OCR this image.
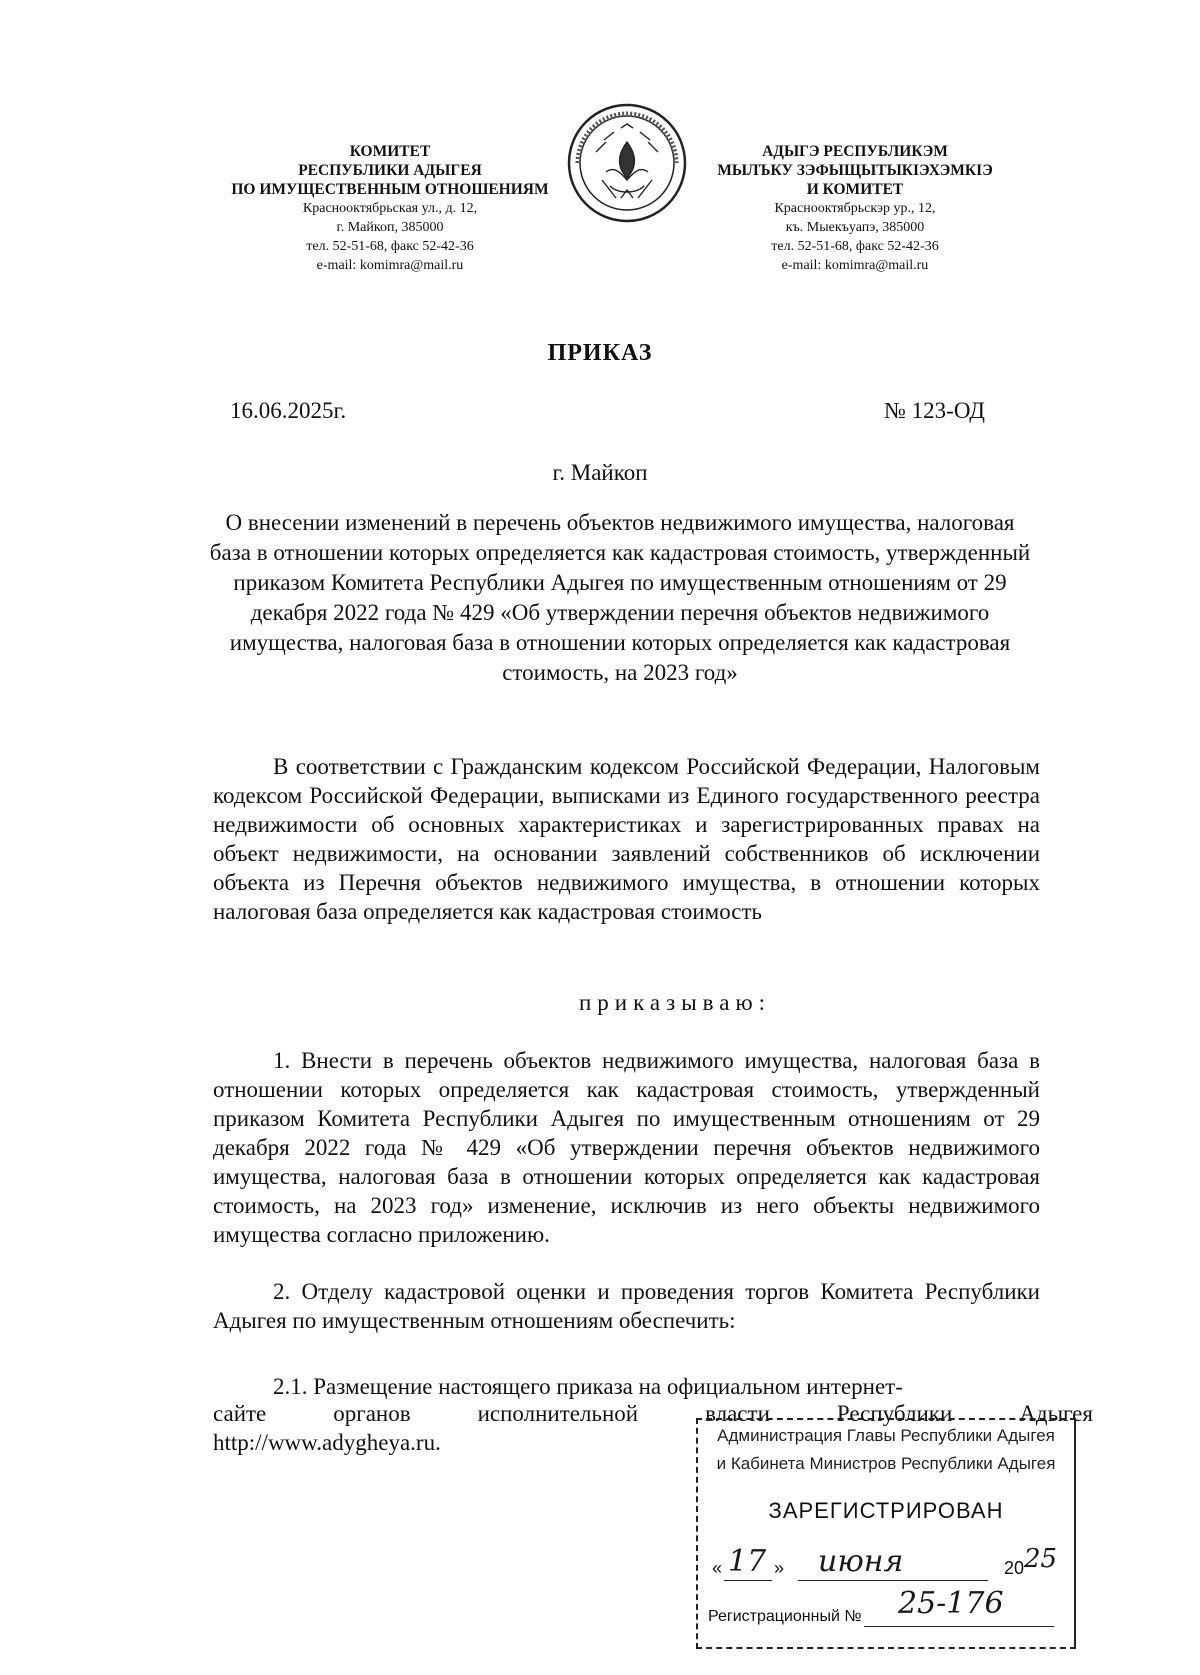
КОМИТЕТ
РЕСПУБЛИКИ АДЫГЕЯ
ПО ИМУЩЕСТВЕННЫМ ОТНОШЕНИЯМ
Краснооктябрьская ул., д. 12,
г. Майкоп, 385000
тел. 52-51-68, факс 52-42-36
e-mail: komimra@mail.ru
АДЫГЭ РЕСПУБЛИКЭМ
МЫЛЪКУ ЗЭФЫЩЫТЫКIЭХЭМКIЭ
И КОМИТЕТ
Краснооктябрьскэр ур., 12,
къ. Мыекъуапэ, 385000
тел. 52-51-68, факс 52-42-36
e-mail: komimra@mail.ru
ПРИКАЗ
16.06.2025г.	№ 123-ОД
г. Майкоп
О внесении изменений в перечень объектов недвижимого имущества, налоговая база в отношении которых определяется как кадастровая стоимость, утвержденный приказом Комитета Республики Адыгея по имущественным отношениям от 29 декабря 2022 года № 429 «Об утверждении перечня объектов недвижимого имущества, налоговая база в отношении которых определяется как кадастровая стоимость, на 2023 год»
В соответствии с Гражданским кодексом Российской Федерации, Налоговым кодексом Российской Федерации, выписками из Единого государственного реестра недвижимости об основных характеристиках и зарегистрированных правах на объект недвижимости, на основании заявлений собственников об исключении объекта из Перечня объектов недвижимого имущества, в отношении которых налоговая база определяется как кадастровая стоимость
приказываю:
1. Внести в перечень объектов недвижимого имущества, налоговая база в отношении которых определяется как кадастровая стоимость, утвержденный приказом Комитета Республики Адыгея по имущественным отношениям от 29 декабря 2022 года № 429 «Об утверждении перечня объектов недвижимого имущества, налоговая база в отношении которых определяется как кадастровая стоимость, на 2023 год» изменение, исключив из него объекты недвижимого имущества согласно приложению.
2. Отделу кадастровой оценки и проведения торгов Комитета Республики Адыгея по имущественным отношениям обеспечить:
2.1. Размещение настоящего приказа на официальном интернет-
сайте	органов	исполнительной	власти	Республики	Адыгея
http://www.adygheya.ru.	Администрация Главы Республики Адыгея
и Кабинета Министров Республики Адыгея
ЗАРЕГИСТРИРОВАН
« 17 » июня	20 25
Регистрационный № 25-176
